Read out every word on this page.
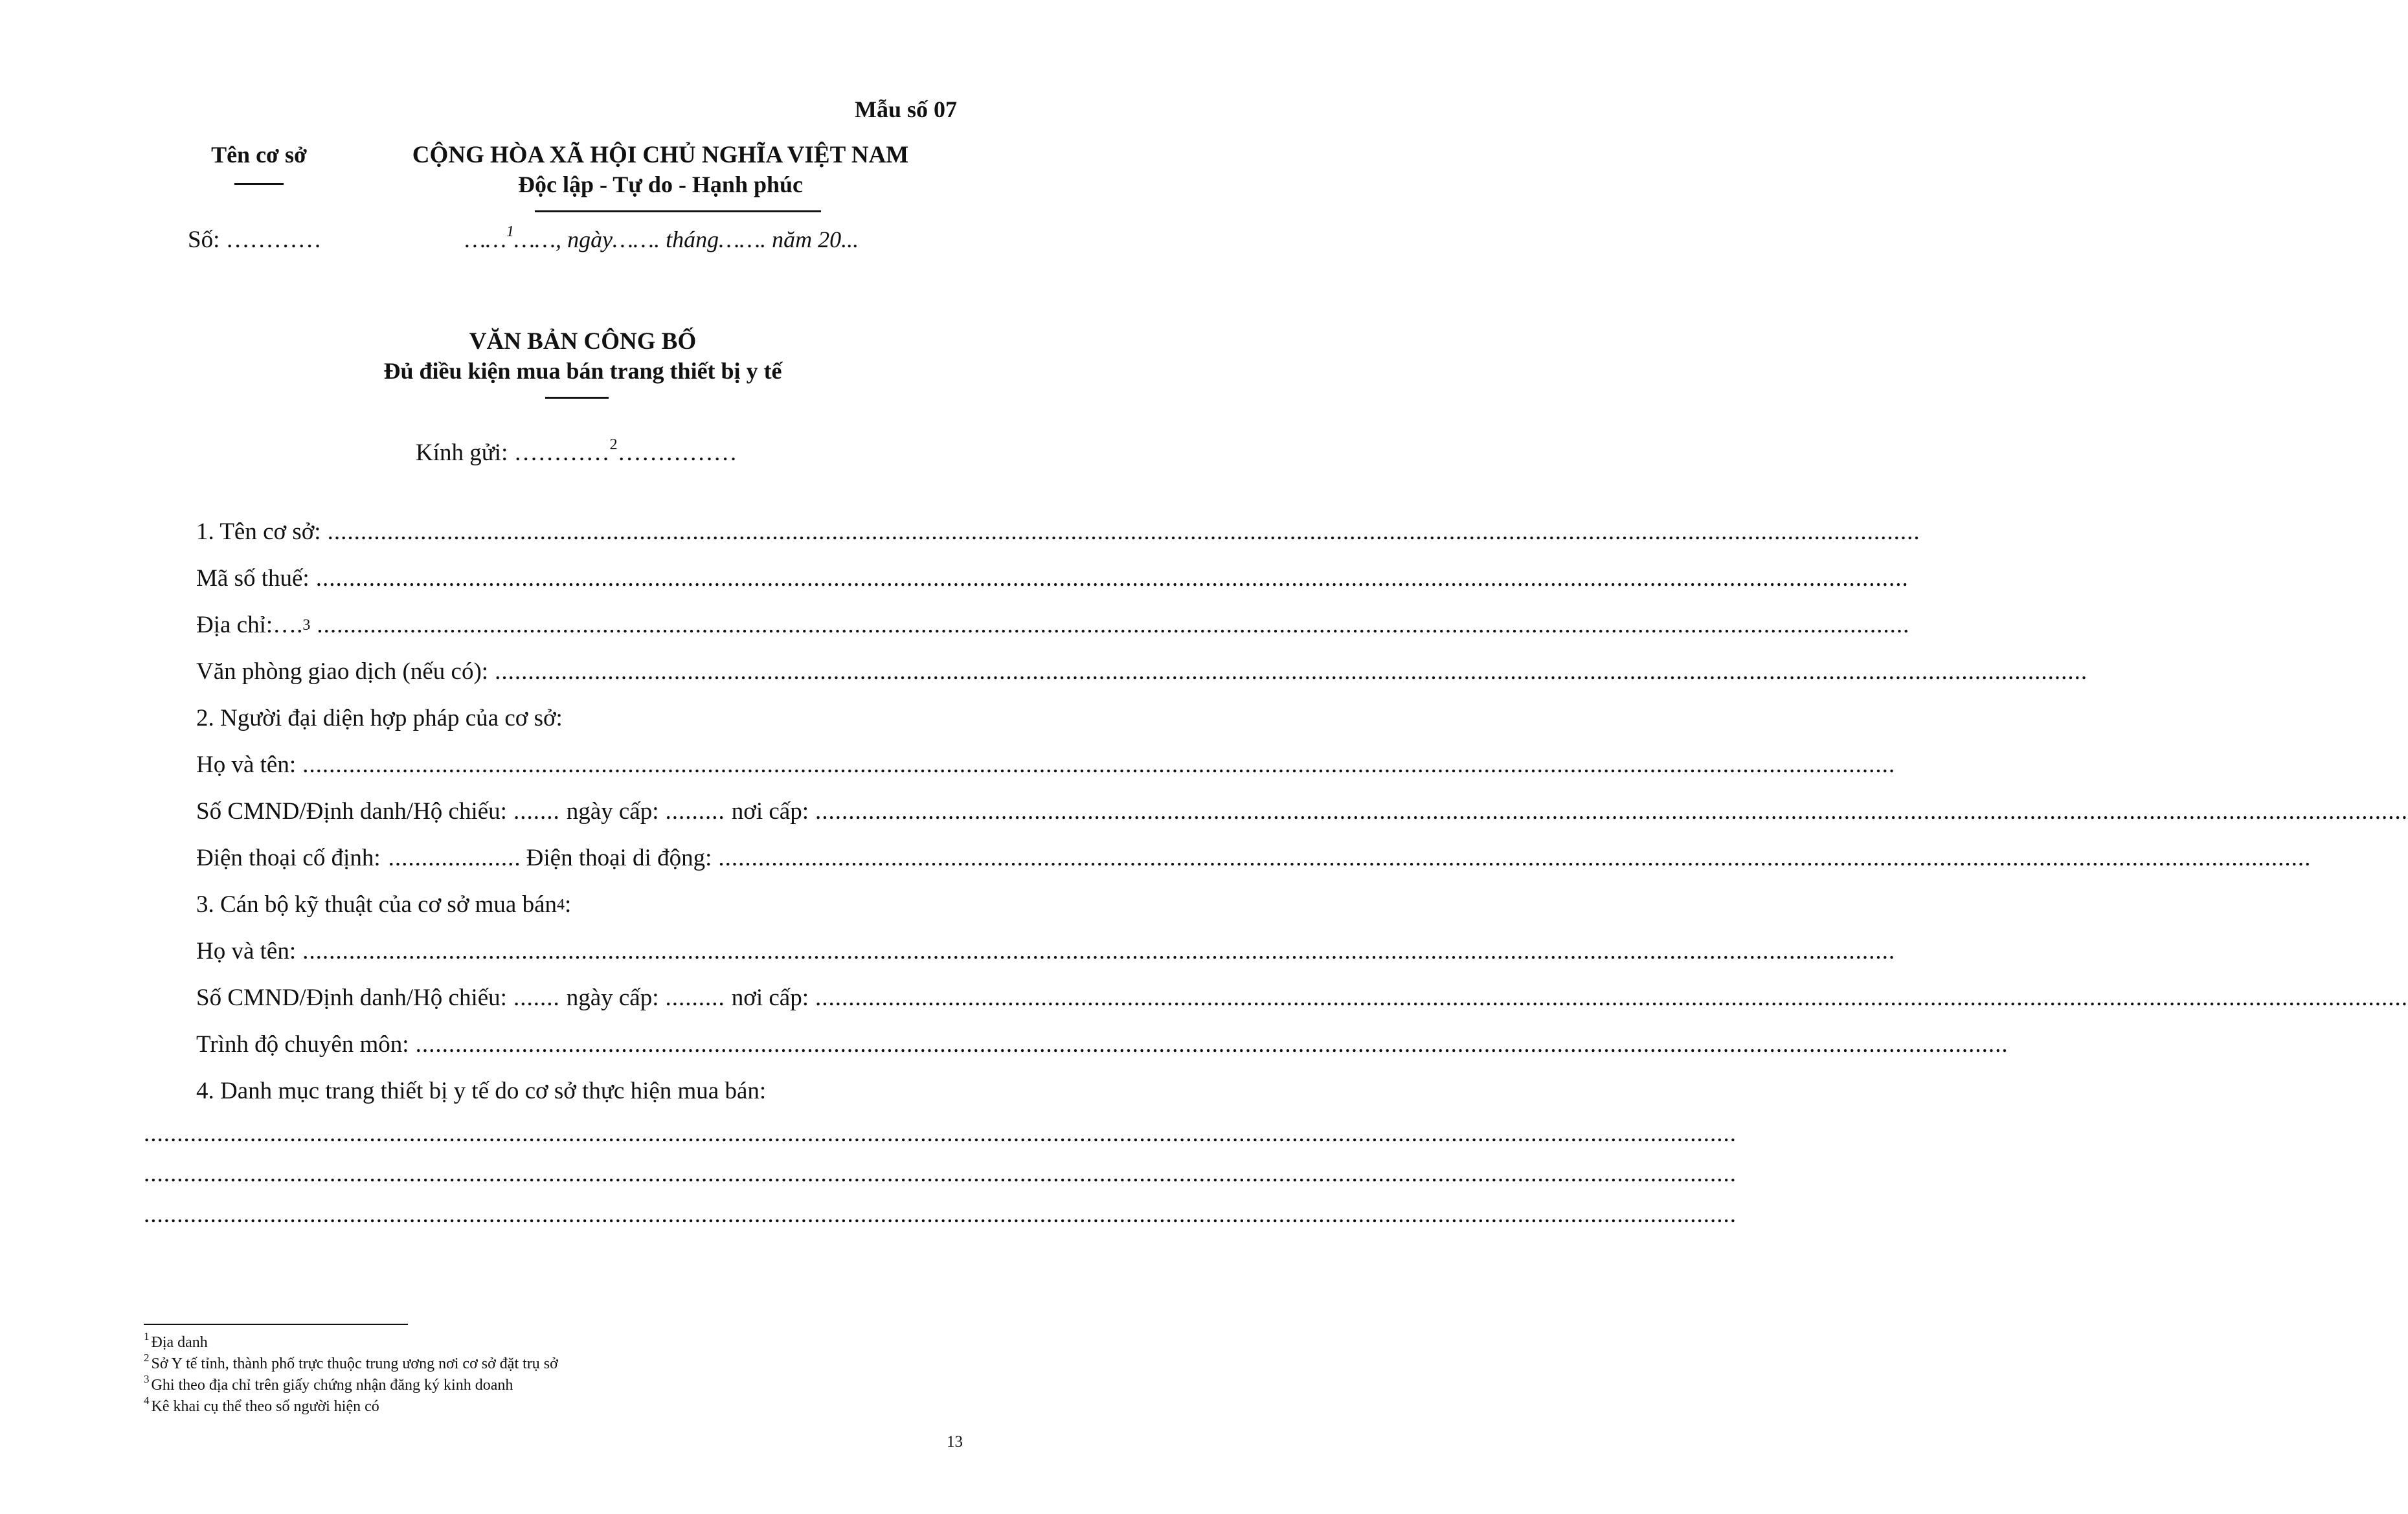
Mẫu số 07
Tên cơ sở	CỘNG HÒA XÃ HỘI CHỦ NGHĨA VIỆT NAM
Độc lập - Tự do - Hạnh phúc
Số: …………	……$^1$……, ngày……. tháng……. năm 20...
VĂN BẢN CÔNG BỐ
Đủ điều kiện mua bán trang thiết bị y tế
Kính gửi: …………$^2$……………
1. Tên cơ sở: ................................................................................................................................................................................................................................................
Mã số thuế: ................................................................................................................................................................................................................................................
Địa chỉ:….$^3$ ................................................................................................................................................................................................................................................
Văn phòng giao dịch (nếu có): ................................................................................................................................................................................................................................................
2. Người đại diện hợp pháp của cơ sở:
Họ và tên: ................................................................................................................................................................................................................................................
Số CMND/Định danh/Hộ chiếu: ....... ngày cấp: ......... nơi cấp: ................................................................................................................................................................................................................................................
Điện thoại cố định: .................... Điện thoại di động: ................................................................................................................................................................................................................................................
3. Cán bộ kỹ thuật của cơ sở mua bán$^4$ :
Họ và tên: ................................................................................................................................................................................................................................................
Số CMND/Định danh/Hộ chiếu: ....... ngày cấp: ......... nơi cấp: ................................................................................................................................................................................................................................................
Trình độ chuyên môn: ................................................................................................................................................................................................................................................
4. Danh mục trang thiết bị y tế do cơ sở thực hiện mua bán:
................................................................................................................................................................................................................................................
................................................................................................................................................................................................................................................
................................................................................................................................................................................................................................................
$^1$ Địa danh
$^2$ Sở Y tế tỉnh, thành phố trực thuộc trung ương nơi cơ sở đặt trụ sở
$^3$ Ghi theo địa chỉ trên giấy chứng nhận đăng ký kinh doanh
$^4$ Kê khai cụ thể theo số người hiện có
13
